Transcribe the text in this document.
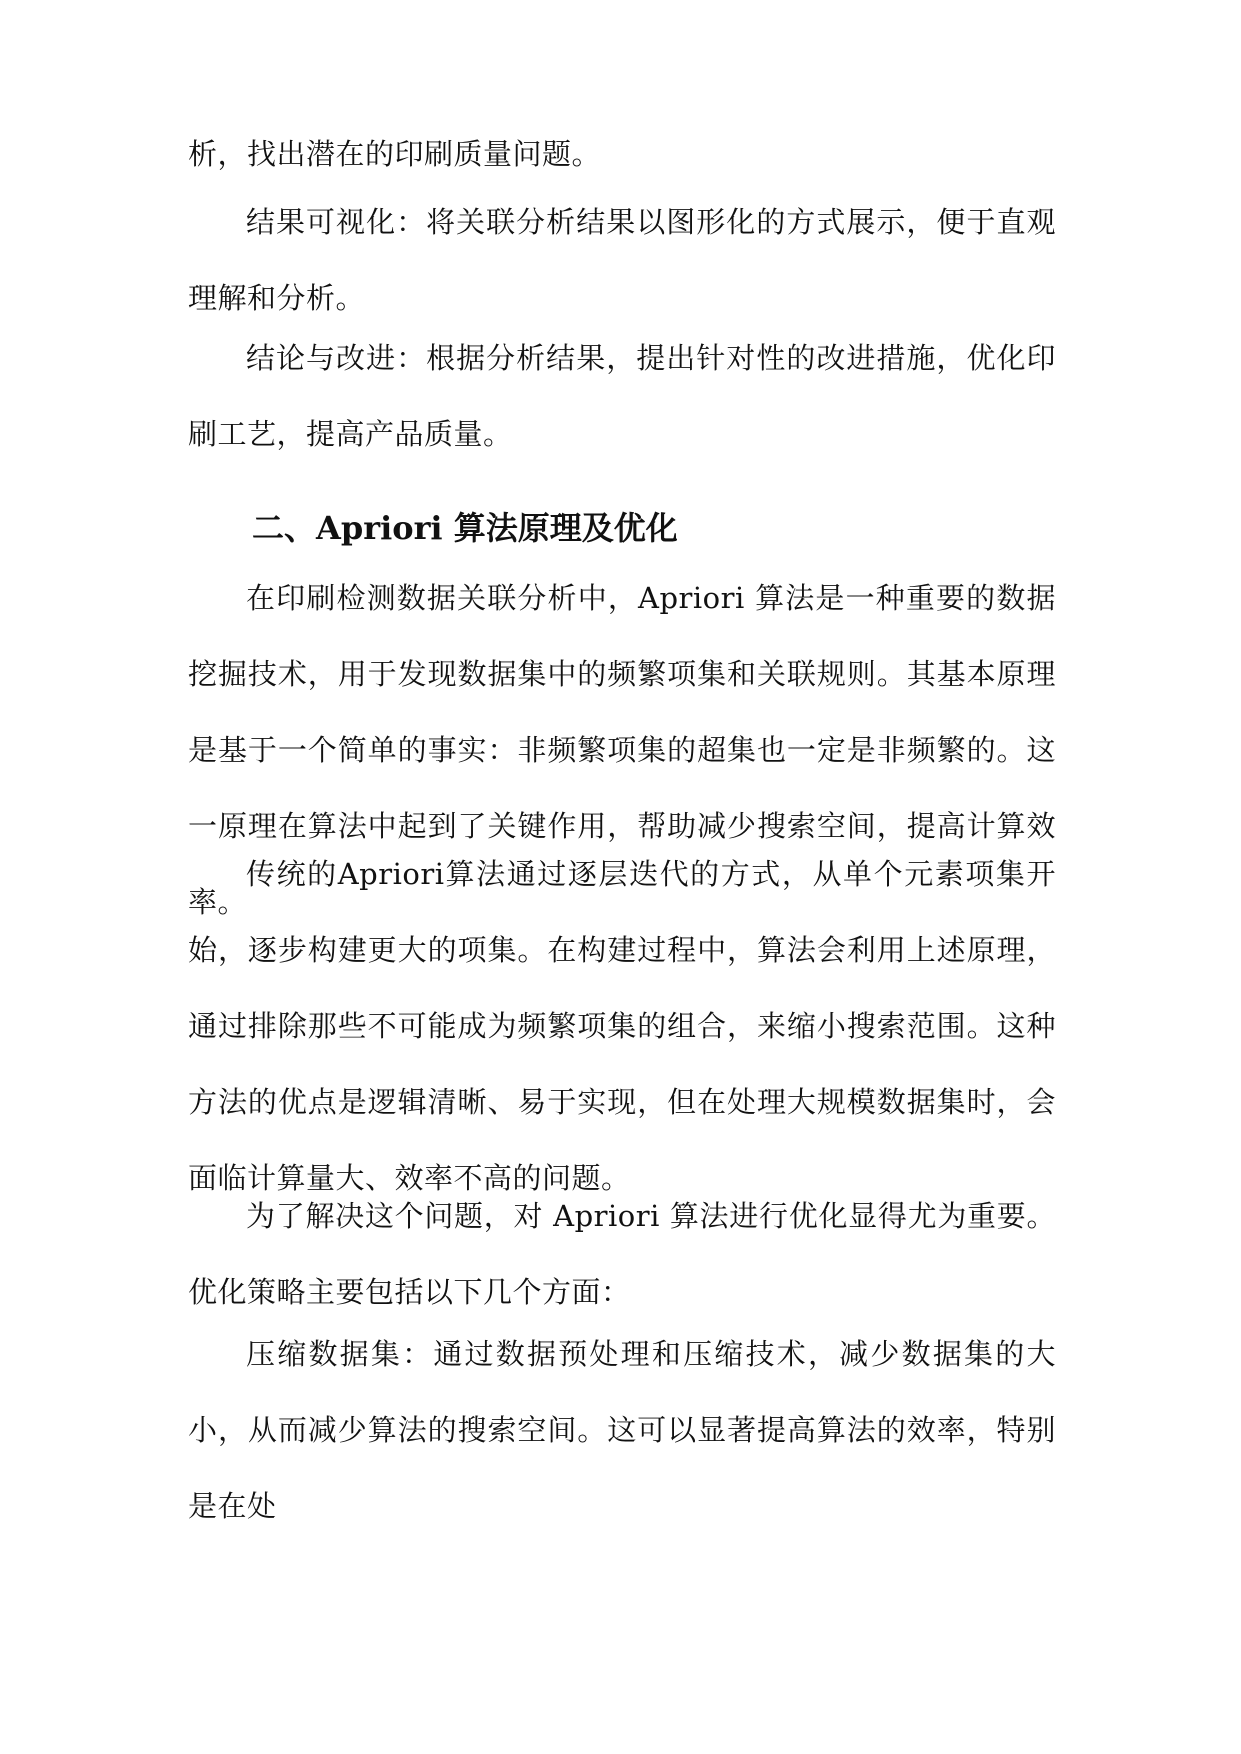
析，找出潜在的印刷质量问题。

结果可视化：将关联分析结果以图形化的方式展示，便于直观理解和分析。

结论与改进：根据分析结果，提出针对性的改进措施，优化印刷工艺，提高产品质量。

二、Apriori 算法原理及优化

在印刷检测数据关联分析中，Apriori 算法是一种重要的数据挖掘技术，用于发现数据集中的频繁项集和关联规则。其基本原理是基于一个简单的事实：非频繁项集的超集也一定是非频繁的。这一原理在算法中起到了关键作用，帮助减少搜索空间，提高计算效率。

传统的Apriori算法通过逐层迭代的方式，从单个元素项集开始，逐步构建更大的项集。在构建过程中，算法会利用上述原理，通过排除那些不可能成为频繁项集的组合，来缩小搜索范围。这种方法的优点是逻辑清晰、易于实现，但在处理大规模数据集时，会面临计算量大、效率不高的问题。

为了解决这个问题，对 Apriori 算法进行优化显得尤为重要。优化策略主要包括以下几个方面：

压缩数据集：通过数据预处理和压缩技术，减少数据集的大小，从而减少算法的搜索空间。这可以显著提高算法的效率，特别是在处
